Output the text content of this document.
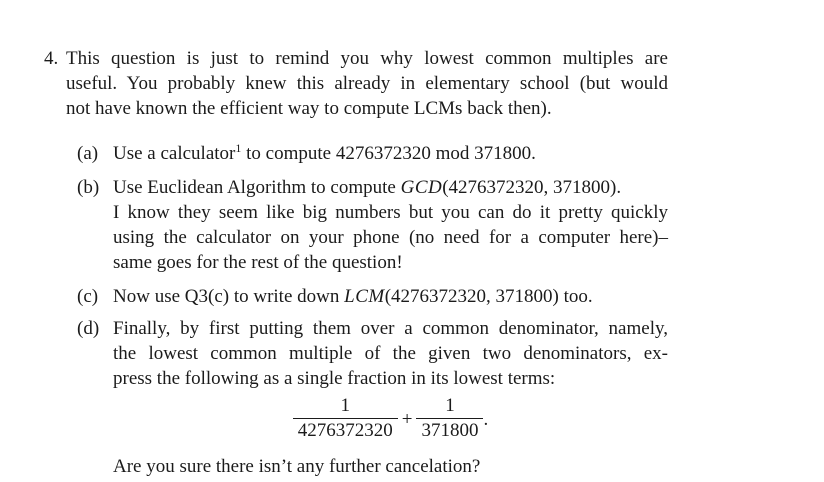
4. This question is just to remind you why lowest common multiples are
useful. You probably knew this already in elementary school (but would
not have known the efficient way to compute LCMs back then).
(a) Use a calculator$^1$ to compute 4276372320 mod 371800.
(b) Use Euclidean Algorithm to compute GCD(4276372320, 371800).
I know they seem like big numbers but you can do it pretty quickly
using the calculator on your phone (no need for a computer here)–
same goes for the rest of the question!
(c) Now use Q3(c) to write down LCM(4276372320, 371800) too.
(d) Finally, by first putting them over a common denominator, namely,
the lowest common multiple of the given two denominators, ex-
press the following as a single fraction in its lowest terms:
$\frac{1}{4276372320} + \frac{1}{371800}$ .
Are you sure there isn’t any further cancelation?
